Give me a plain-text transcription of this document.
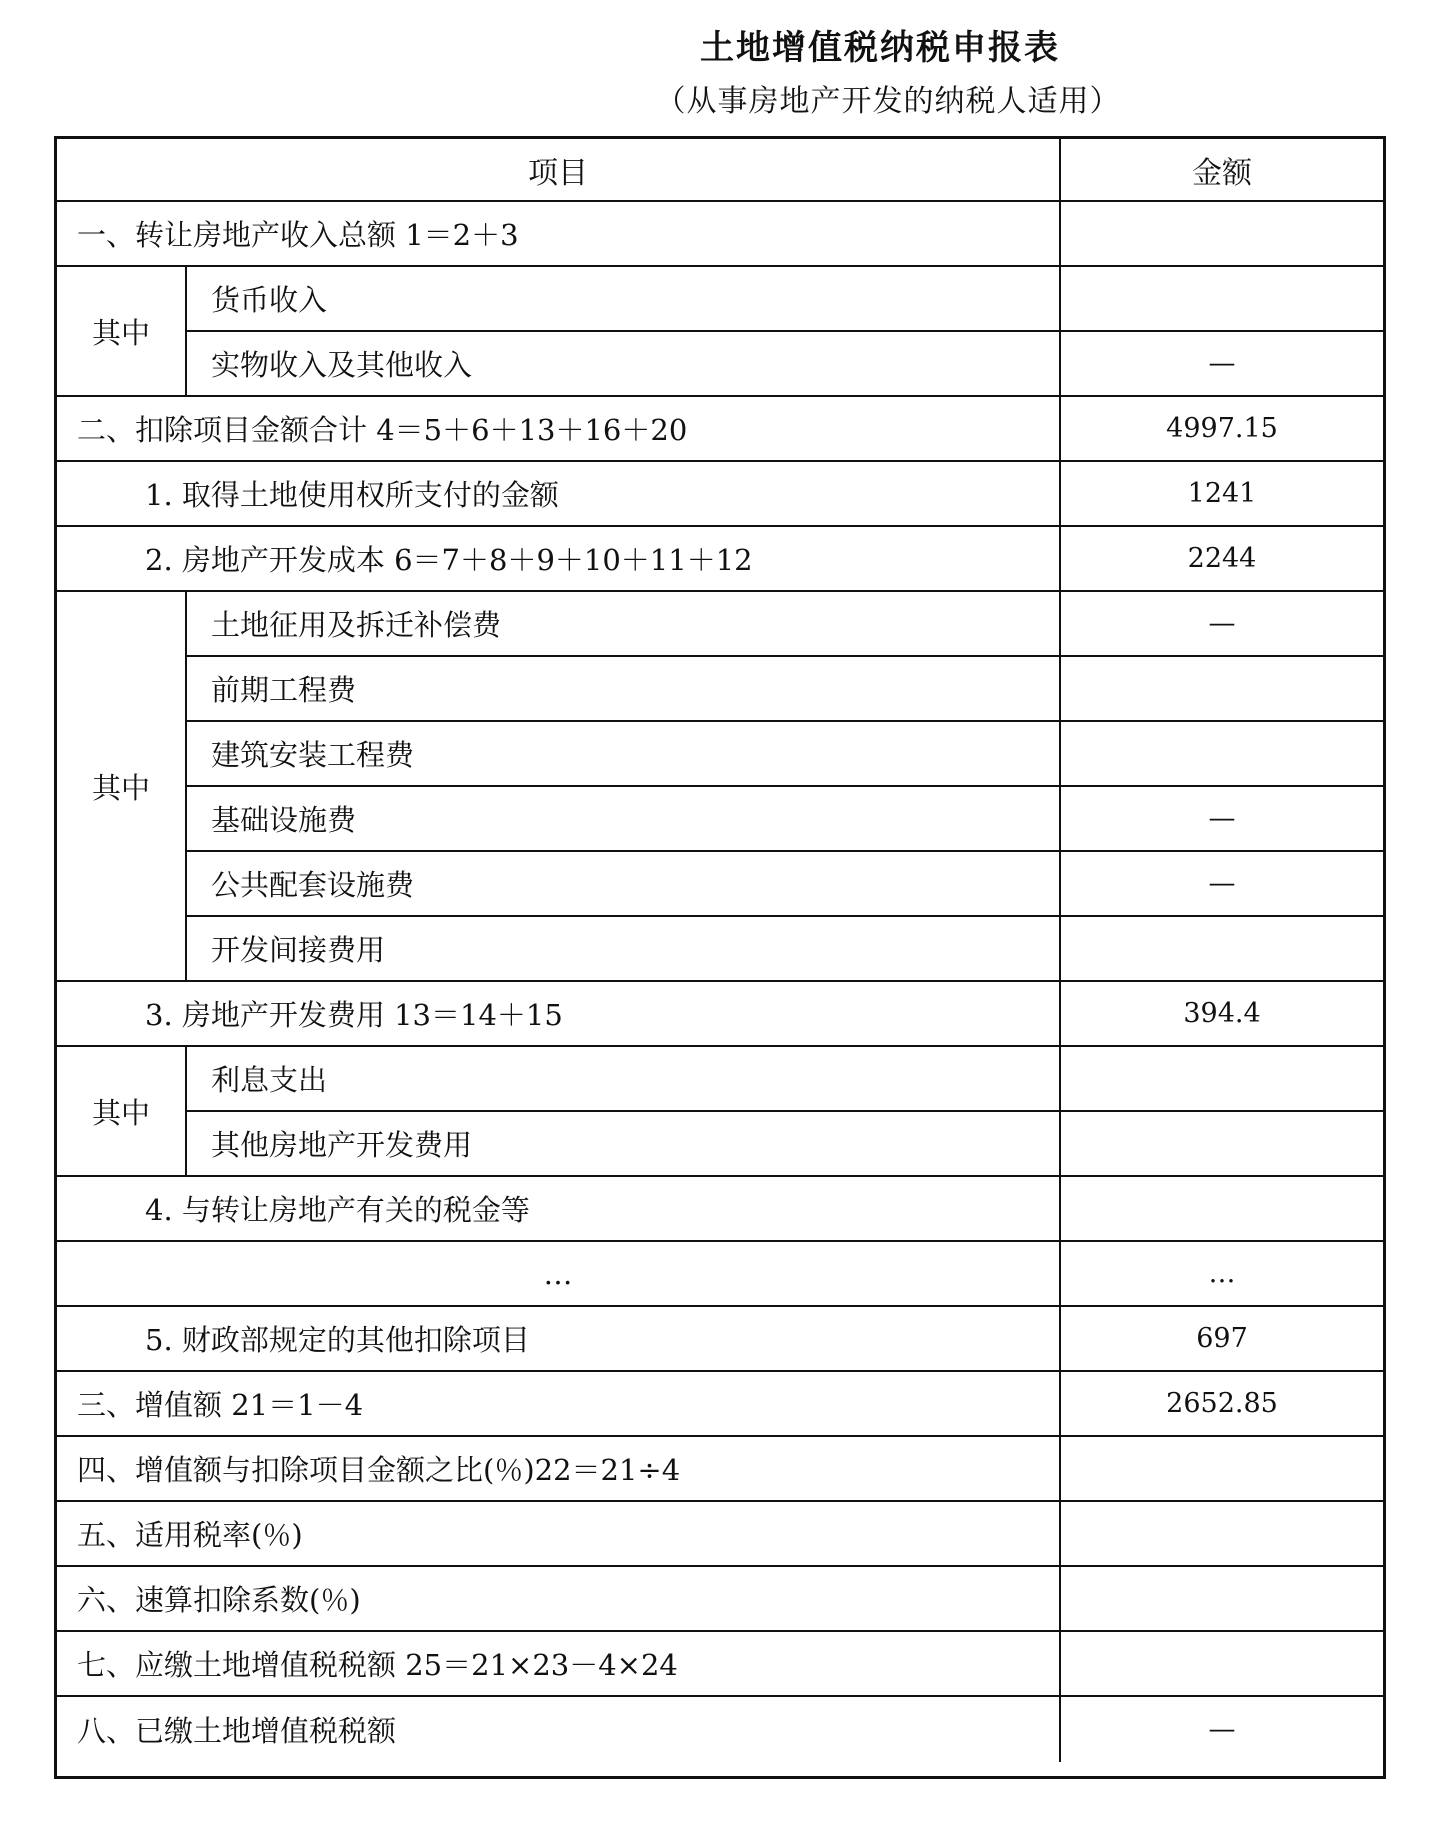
土地增值税纳税申报表
（从事房地产开发的纳税人适用）
项目	金额
一、转让房地产收入总额 1＝2＋3
其中
货币收入
实物收入及其他收入	—
二、扣除项目金额合计 4＝5＋6＋13＋16＋20	4997.15
1. 取得土地使用权所支付的金额	1241
2. 房地产开发成本 6＝7＋8＋9＋10＋11＋12	2244
其中
土地征用及拆迁补偿费	—
前期工程费
建筑安装工程费
基础设施费	—
公共配套设施费	—
开发间接费用
3. 房地产开发费用 13＝14＋15	394.4
其中
利息支出
其他房地产开发费用
4. 与转让房地产有关的税金等
…	…
5. 财政部规定的其他扣除项目	697
三、增值额 21＝1－4	2652.85
四、增值额与扣除项目金额之比(％)22＝21÷4
五、适用税率(％)
六、速算扣除系数(％)
七、应缴土地增值税税额 25＝21×23－4×24
八、已缴土地增值税税额	—
